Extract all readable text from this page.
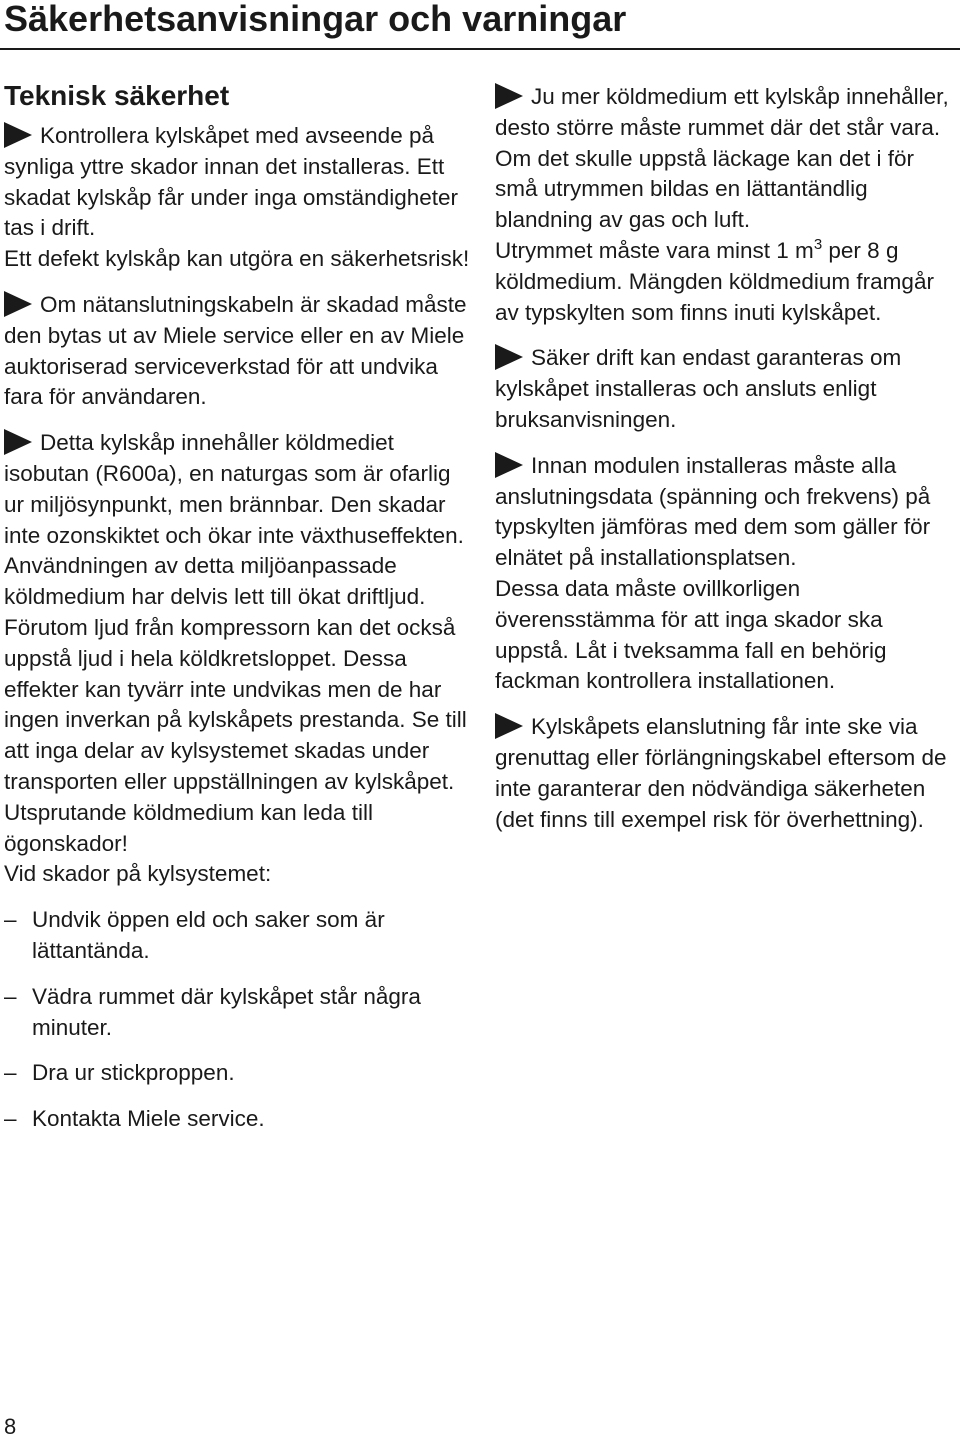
Säkerhetsanvisningar och varningar
Teknisk säkerhet

Kontrollera kylskåpet med avseende på synliga yttre skador innan det installeras. Ett skadat kylskåp får under inga omständigheter tas i drift.

Ett defekt kylskåp kan utgöra en säkerhetsrisk!

Om nätanslutningskabeln är skadad måste den bytas ut av Miele service eller en av Miele auktoriserad serviceverkstad för att undvika fara för användaren.

Detta kylskåp innehåller köldmediet isobutan (R600a), en naturgas som är ofarlig ur miljösynpunkt, men brännbar. Den skadar inte ozonskiktet och ökar inte växthuseffekten. Användningen av detta miljöanpassade köldmedium har delvis lett till ökat driftljud. Förutom ljud från kompressorn kan det också uppstå ljud i hela köldkretsloppet. Dessa effekter kan tyvärr inte undvikas men de har ingen inverkan på kylskåpets prestanda. Se till att inga delar av kylsystemet skadas under transporten eller uppställningen av kylskåpet. Utsprutande köldmedium kan leda till ögonskador!

Vid skador på kylsystemet:

– Undvik öppen eld och saker som är lättantända.
– Vädra rummet där kylskåpet står några minuter.
– Dra ur stickproppen.
– Kontakta Miele service.

Ju mer köldmedium ett kylskåp innehåller, desto större måste rummet där det står vara. Om det skulle uppstå läckage kan det i för små utrymmen bildas en lättantändlig blandning av gas och luft.

Utrymmet måste vara minst 1 $m^3$ per 8 g köldmedium. Mängden köldmedium framgår av typskylten som finns inuti kylskåpet.

Säker drift kan endast garanteras om kylskåpet installeras och ansluts enligt bruksanvisningen.

Innan modulen installeras måste alla anslutningsdata (spänning och frekvens) på typskylten jämföras med dem som gäller för elnätet på installationsplatsen.

Dessa data måste ovillkorligen överensstämma för att inga skador ska uppstå. Låt i tveksamma fall en behörig fackman kontrollera installationen.

Kylskåpets elanslutning får inte ske via grenuttag eller förlängningskabel eftersom de inte garanterar den nödvändiga säkerheten (det finns till exempel risk för överhettning).

8
